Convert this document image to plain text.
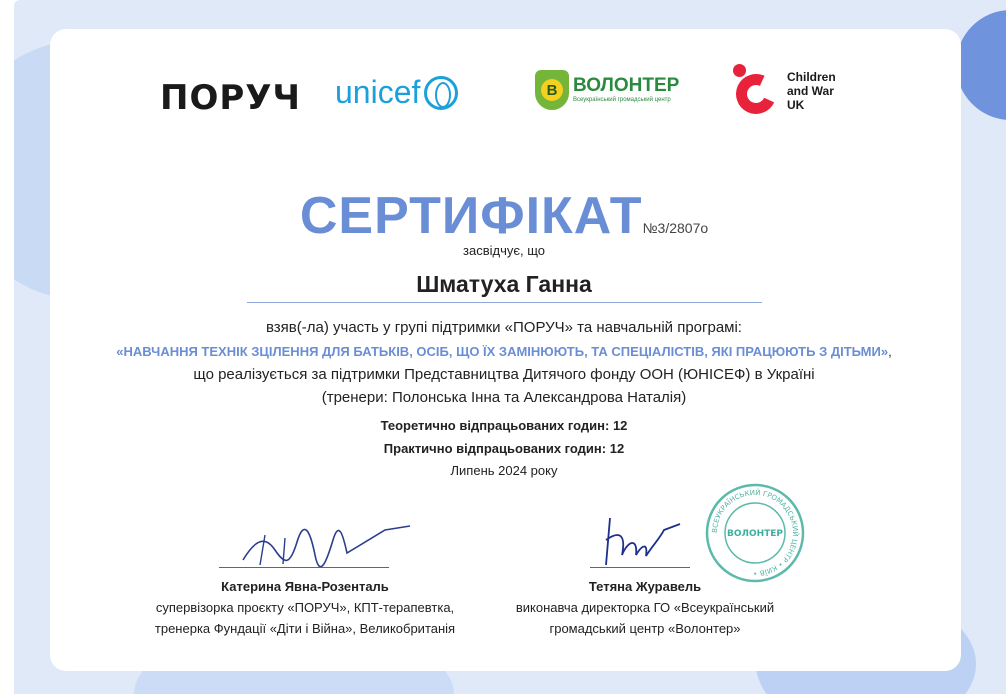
ПОРУЧ unicef	В ВОЛОНТЕР
Всеукраїнський громадський центр
Children
and War
UK
СЕРТИФІКАТ№3/2807о
засвідчує, що
Шматуха Ганна
взяв(-ла) участь у групі підтримки «ПОРУЧ» та навчальній програмі:
«НАВЧАННЯ ТЕХНІК ЗЦІЛЕННЯ ДЛЯ БАТЬКІВ, ОСІБ, ЩО ЇХ ЗАМІНЮЮТЬ, ТА СПЕЦІАЛІСТІВ, ЯКІ ПРАЦЮЮТЬ З ДІТЬМИ»,
що реалізується за підтримки Представництва Дитячого фонду ООН (ЮНІСЕФ) в Україні
(тренери: Полонська Інна та Александрова Наталія)
Теоретично відпрацьованих годин: 12
Практично відпрацьованих годин: 12
Липень 2024 року
Катерина Явна-Розенталь
супервізорка проєкту «ПОРУЧ», КПТ-терапевтка,
тренерка Фундації «Діти і Війна», Великобританія
Тетяна Журавель
виконавча директорка ГО «Всеукраїнський
громадський центр «Волонтер»
ВСЕУКРАЇНСЬКИЙ ГРОМАДСЬКИЙ ЦЕНТР • КИЇВ •
ВОЛОНТЕР
